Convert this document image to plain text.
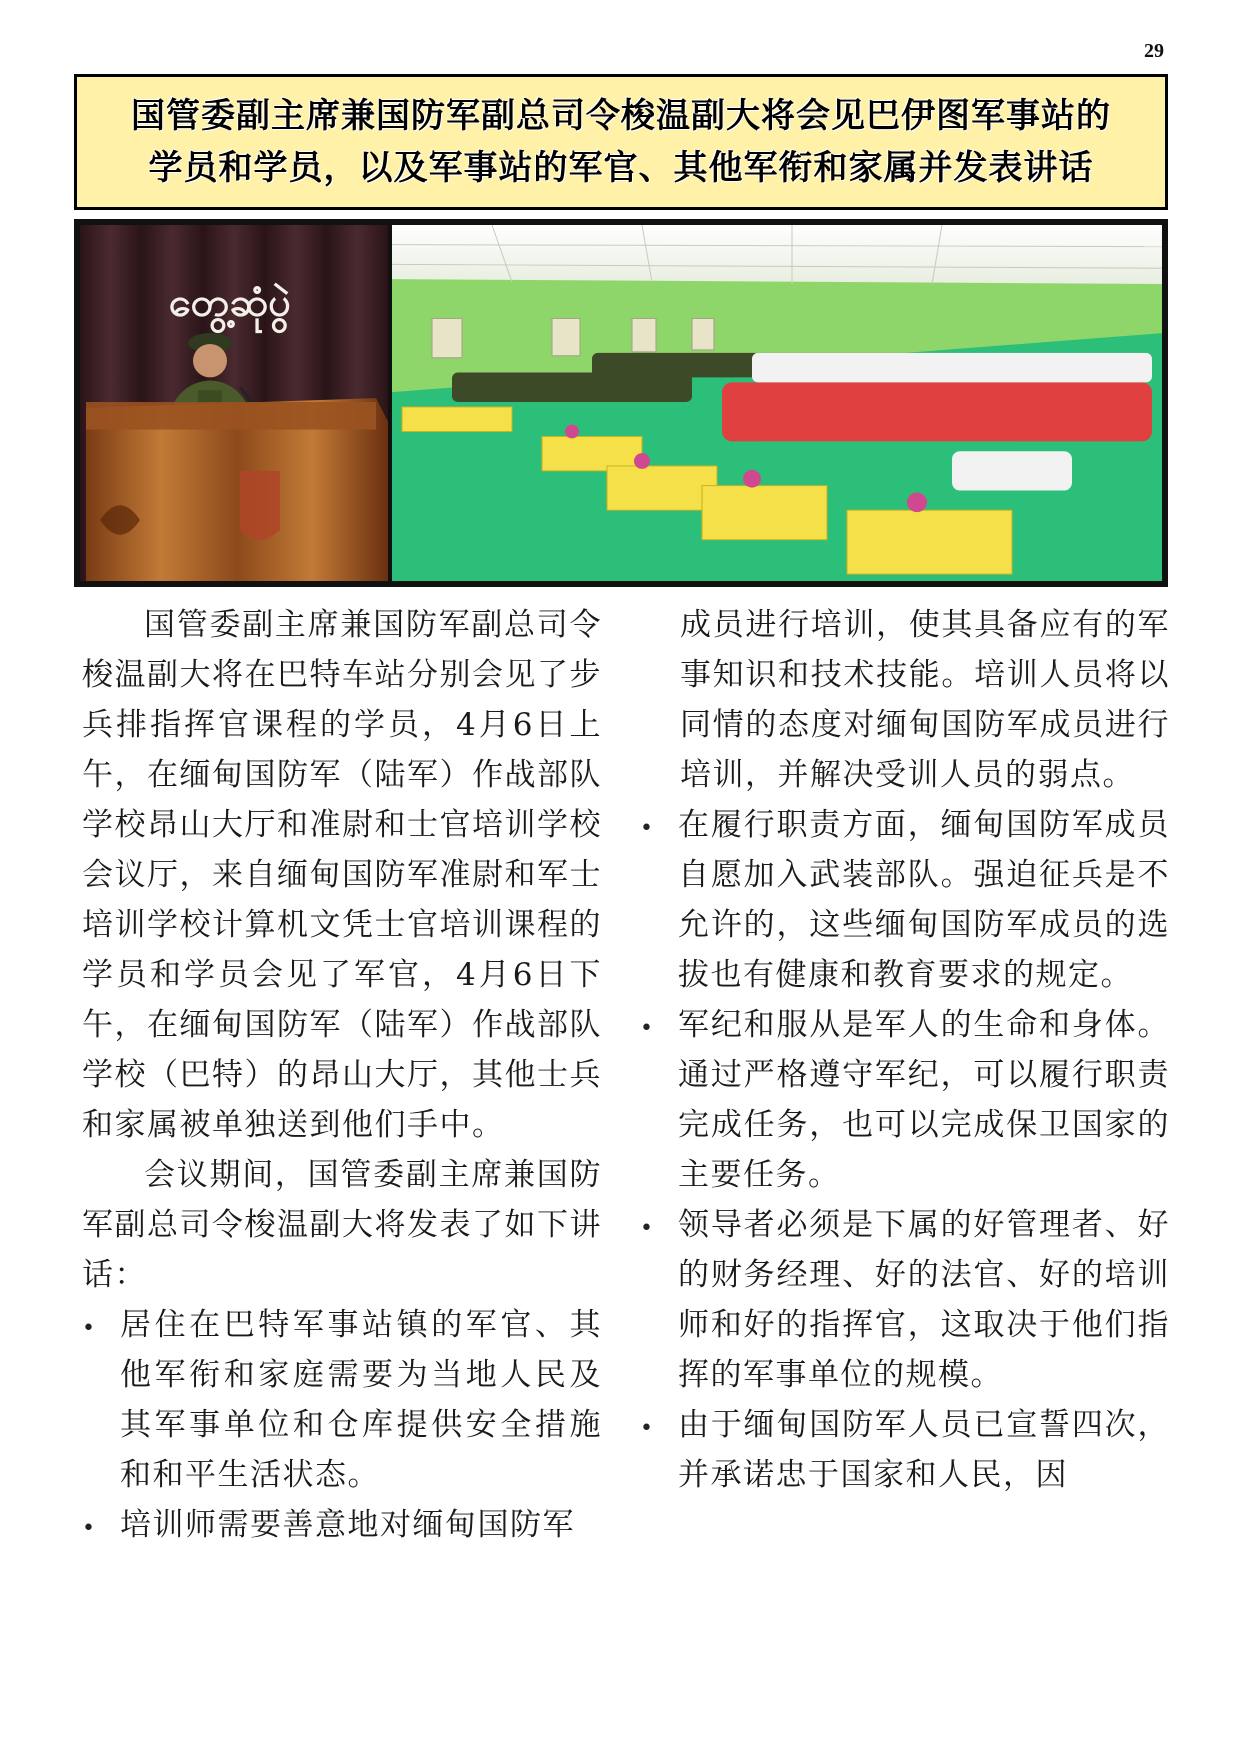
29
国管委副主席兼国防军副总司令梭温副大将会见巴伊图军事站的
学员和学员，以及军事站的军官、其他军衔和家属并发表讲话
တွေ့ဆုံပွဲ

国管委副主席兼国防军副总司令梭温副大将在巴特车站分别会见了步兵排指挥官课程的学员，4月6日上午，在缅甸国防军（陆军）作战部队学校昂山大厅和准尉和士官培训学校会议厅，来自缅甸国防军准尉和军士培训学校计算机文凭士官培训课程的学员和学员会见了军官，4月6日下午，在缅甸国防军（陆军）作战部队学校（巴特）的昂山大厅，其他士兵和家属被单独送到他们手中。

会议期间，国管委副主席兼国防军副总司令梭温副大将发表了如下讲话：

• 居住在巴特军事站镇的军官、其他军衔和家庭需要为当地人民及其军事单位和仓库提供安全措施和和平生活状态。
• 培训师需要善意地对缅甸国防军

成员进行培训，使其具备应有的军事知识和技术技能。培训人员将以同情的态度对缅甸国防军成员进行培训，并解决受训人员的弱点。

• 在履行职责方面，缅甸国防军成员自愿加入武装部队。强迫征兵是不允许的，这些缅甸国防军成员的选拔也有健康和教育要求的规定。
• 军纪和服从是军人的生命和身体。通过严格遵守军纪，可以履行职责完成任务，也可以完成保卫国家的主要任务。
• 领导者必须是下属的好管理者、好的财务经理、好的法官、好的培训师和好的指挥官，这取决于他们指挥的军事单位的规模。
• 由于缅甸国防军人员已宣誓四次，并承诺忠于国家和人民，因
